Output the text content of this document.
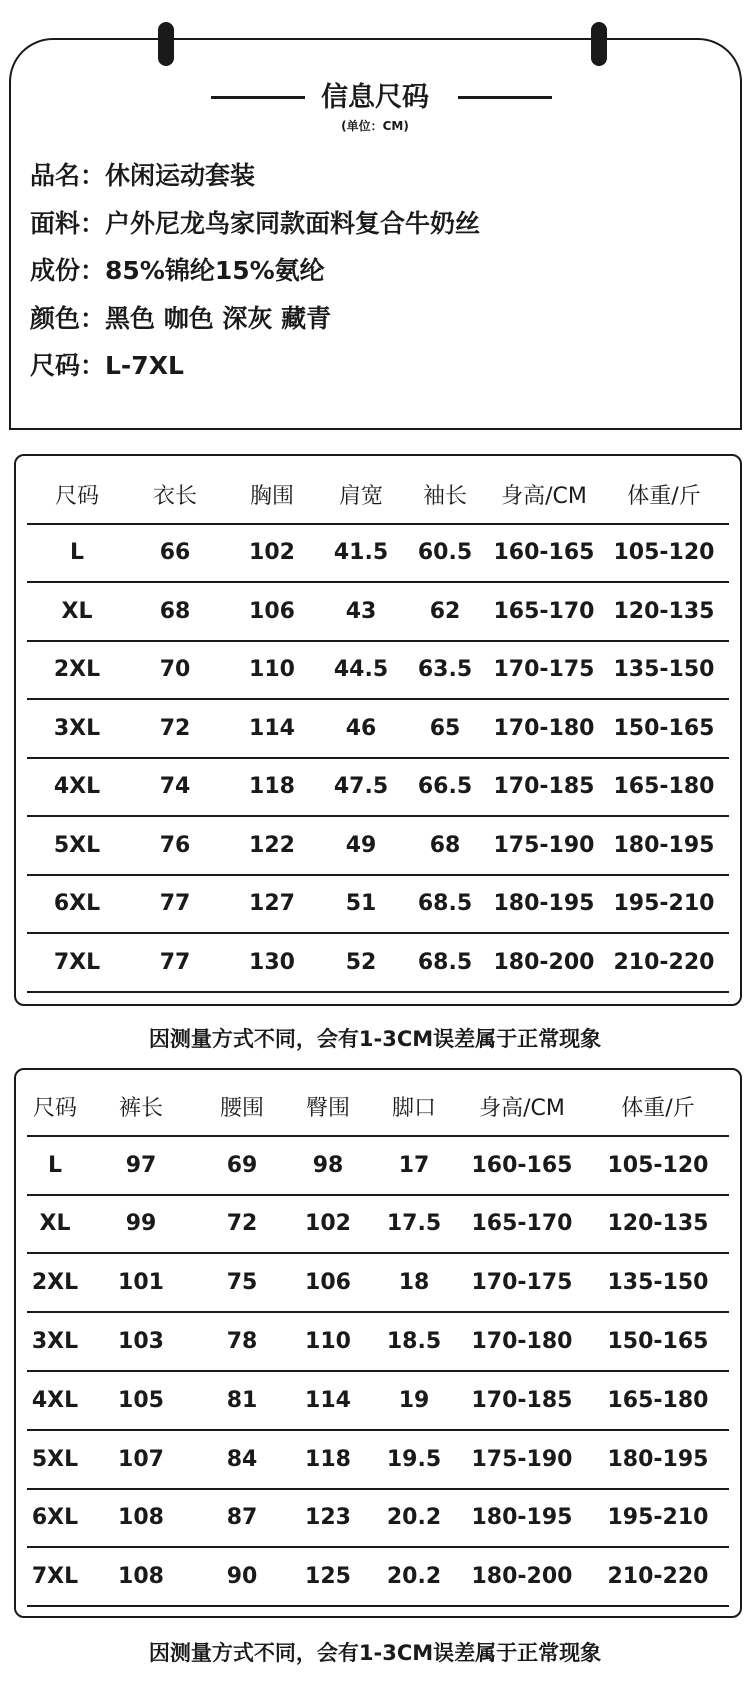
信息尺码
(单位：CM)
品名：休闲运动套装
面料：户外尼龙鸟家同款面料复合牛奶丝
成份：85%锦纶15%氨纶
颜色：黑色 咖色 深灰 藏青
尺码：L-7XL
尺码	衣长	胸围	肩宽	袖长	身高/CM	体重/斤
L	66	102	41.5	60.5	160-165	105-120
XL	68	106	43	62	165-170	120-135
2XL	70	110	44.5	63.5	170-175	135-150
3XL	72	114	46	65	170-180	150-165
4XL	74	118	47.5	66.5	170-185	165-180
5XL	76	122	49	68	175-190	180-195
6XL	77	127	51	68.5	180-195	195-210
7XL	77	130	52	68.5	180-200	210-220
因测量方式不同，会有1-3CM误差属于正常现象
尺码	裤长	腰围	臀围	脚口	身高/CM	体重/斤
L	97	69	98	17	160-165	105-120
XL	99	72	102	17.5	165-170	120-135
2XL	101	75	106	18	170-175	135-150
3XL	103	78	110	18.5	170-180	150-165
4XL	105	81	114	19	170-185	165-180
5XL	107	84	118	19.5	175-190	180-195
6XL	108	87	123	20.2	180-195	195-210
7XL	108	90	125	20.2	180-200	210-220
因测量方式不同，会有1-3CM误差属于正常现象
